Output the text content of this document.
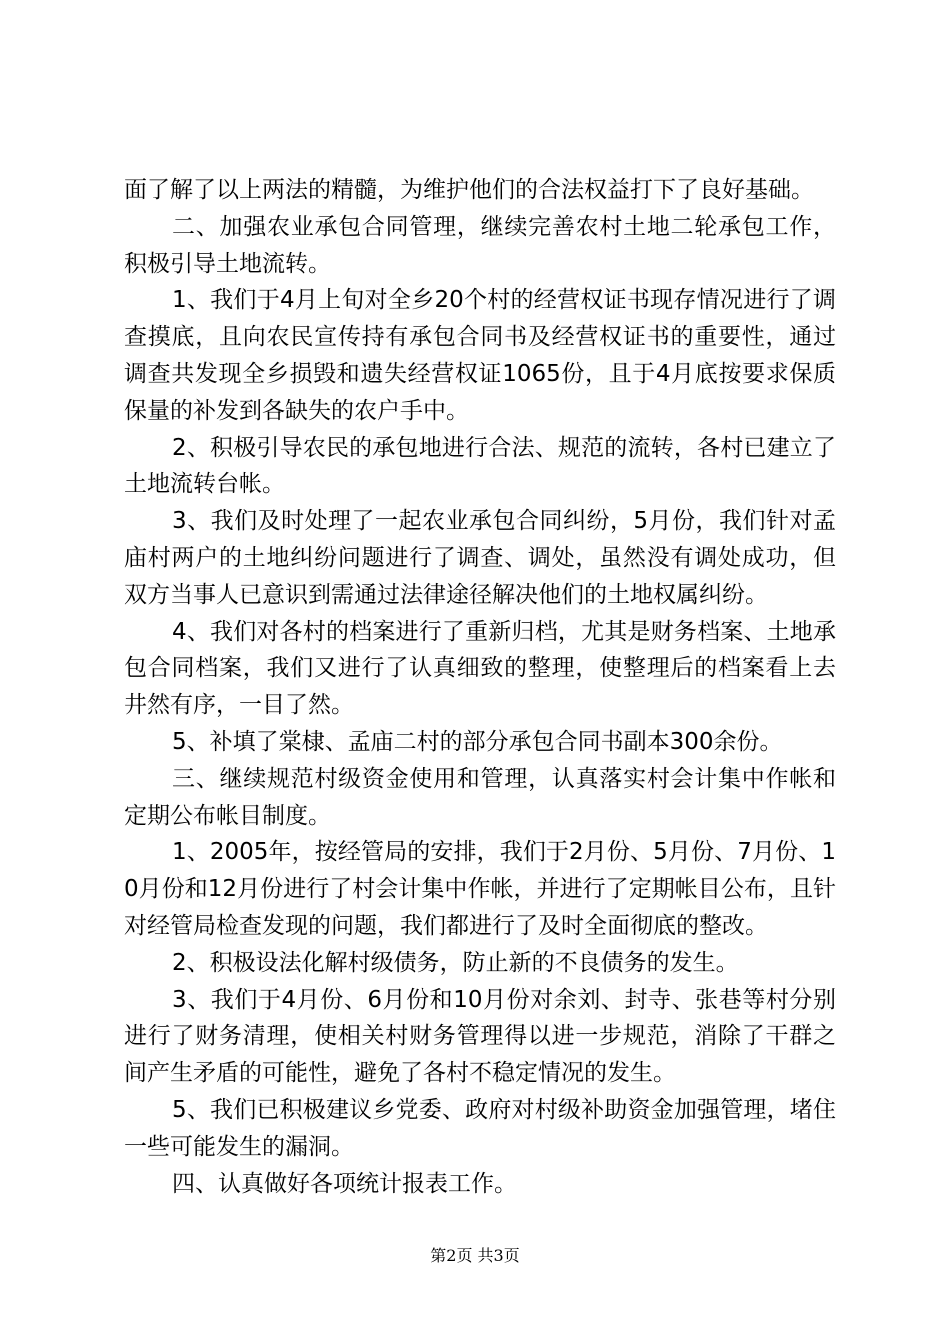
面了解了以上两法的精髓，为维护他们的合法权益打下了良好基础。

二、加强农业承包合同管理，继续完善农村土地二轮承包工作，积极引导土地流转。

1、我们于4月上旬对全乡20个村的经营权证书现存情况进行了调查摸底，且向农民宣传持有承包合同书及经营权证书的重要性，通过调查共发现全乡损毁和遗失经营权证1065份，且于4月底按要求保质保量的补发到各缺失的农户手中。

2、积极引导农民的承包地进行合法、规范的流转，各村已建立了土地流转台帐。

3、我们及时处理了一起农业承包合同纠纷，5月份，我们针对孟庙村两户的土地纠纷问题进行了调查、调处，虽然没有调处成功，但双方当事人已意识到需通过法律途径解决他们的土地权属纠纷。

4、我们对各村的档案进行了重新归档，尤其是财务档案、土地承包合同档案，我们又进行了认真细致的整理，使整理后的档案看上去井然有序，一目了然。

5、补填了棠棣、孟庙二村的部分承包合同书副本300余份。

三、继续规范村级资金使用和管理，认真落实村会计集中作帐和定期公布帐目制度。

1、2005年，按经管局的安排，我们于2月份、5月份、7月份、10月份和12月份进行了村会计集中作帐，并进行了定期帐目公布，且针对经管局检查发现的问题，我们都进行了及时全面彻底的整改。

2、积极设法化解村级债务，防止新的不良债务的发生。

3、我们于4月份、6月份和10月份对余刘、封寺、张巷等村分别进行了财务清理，使相关村财务管理得以进一步规范，消除了干群之间产生矛盾的可能性，避免了各村不稳定情况的发生。

5、我们已积极建议乡党委、政府对村级补助资金加强管理，堵住一些可能发生的漏洞。

四、认真做好各项统计报表工作。

第2页 共3页
